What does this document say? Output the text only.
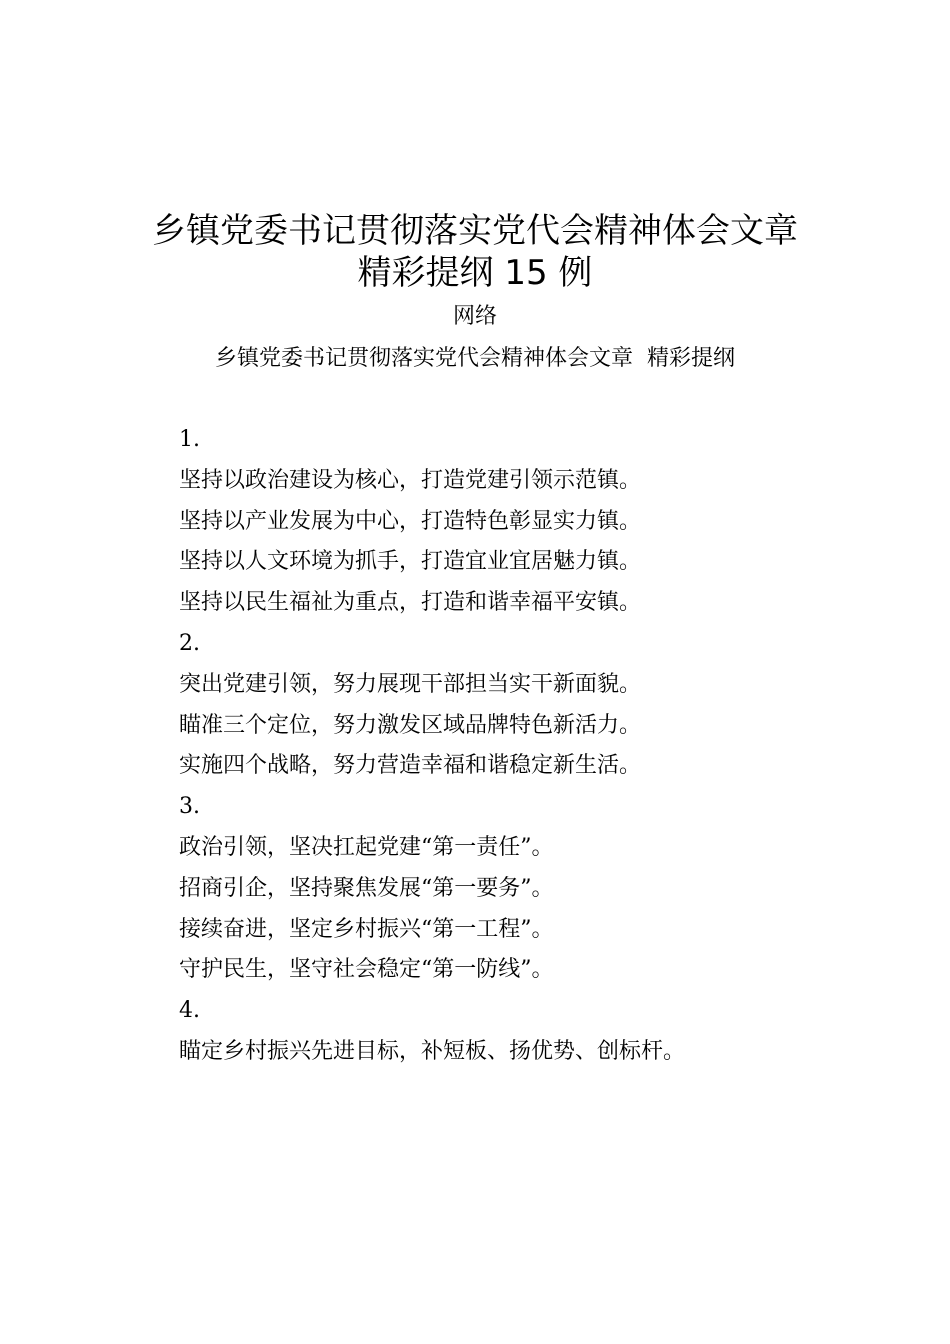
乡镇党委书记贯彻落实党代会精神体会文章
精彩提纲 15 例
网络
乡镇党委书记贯彻落实党代会精神体会文章  精彩提纲
1.
坚持以政治建设为核心，打造党建引领示范镇。
坚持以产业发展为中心，打造特色彰显实力镇。
坚持以人文环境为抓手，打造宜业宜居魅力镇。
坚持以民生福祉为重点，打造和谐幸福平安镇。
2.
突出党建引领，努力展现干部担当实干新面貌。
瞄准三个定位，努力激发区域品牌特色新活力。
实施四个战略，努力营造幸福和谐稳定新生活。
3.
政治引领，坚决扛起党建“第一责任”。
招商引企，坚持聚焦发展“第一要务”。
接续奋进，坚定乡村振兴“第一工程”。
守护民生，坚守社会稳定“第一防线”。
4.
瞄定乡村振兴先进目标，补短板、扬优势、创标杆。
